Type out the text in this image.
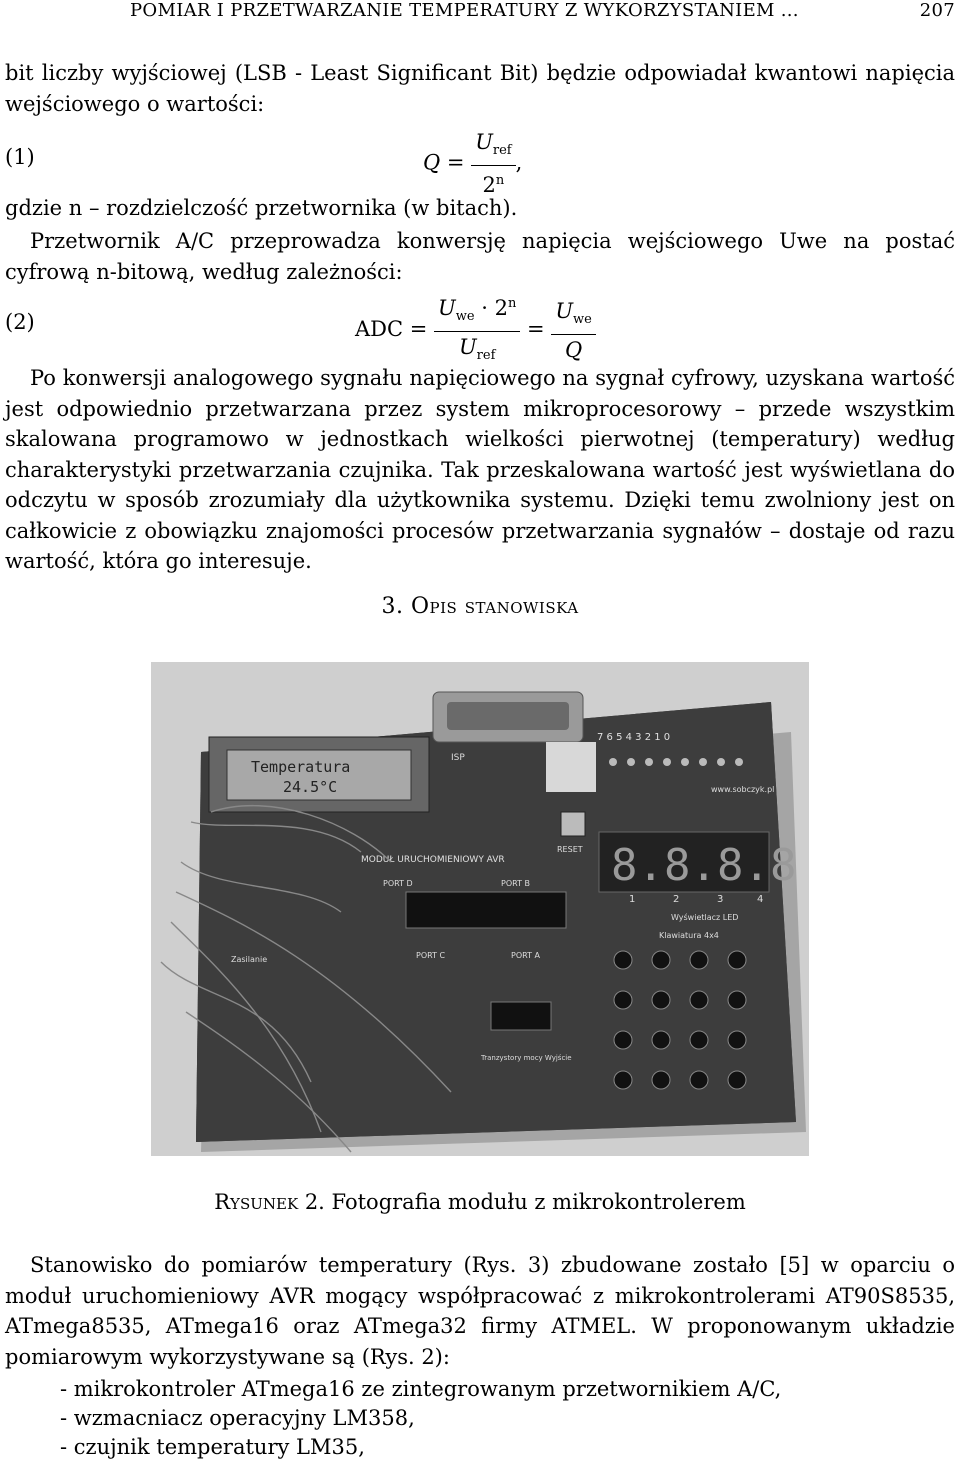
POMIAR I PRZETWARZANIE TEMPERATURY Z WYKORZYSTANIEM ...	207

bit liczby wyjściowej (LSB - Least Significant Bit) będzie odpowiadał kwantowi napięcia wejściowego o wartości:

(1)	$Q = \frac{U_{ref}}{2^n}$ ,

gdzie n – rozdzielczość przetwornika (w bitach).

Przetwornik A/C przeprowadza konwersję napięcia wejściowego Uwe na postać cyfrową n-bitową, według zależności:

(2)	ADC = $\frac{U_{we} \cdot 2^n}{U_{ref}} = \frac{U_{we}}{Q}$

Po konwersji analogowego sygnału napięciowego na sygnał cyfrowy, uzyskana wartość jest odpowiednio przetwarzana przez system mikroprocesorowy – przede wszystkim skalowana programowo w jednostkach wielkości pierwotnej (temperatury) według charakterystyki przetwarzania czujnika. Tak przeskalowana wartość jest wyświetlana do odczytu w sposób zrozumiały dla użytkownika systemu. Dzięki temu zwolniony jest on całkowicie z obowiązku znajomości procesów przetwarzania sygnałów – dostaje od razu wartość, która go interesuje.

3. Opis stanowiska
Temperatura
24.5°C
ISP
RESET
7 6 5 4 3 2 1 0
www.sobczyk.pl
8.8.8.8
1	2	3	4
Wyświetlacz LED
Klawiatura 4x4
MODUŁ URUCHOMIENIOWY AVR
PORT D	PORT B
PORT C	PORT A
Tranzystory mocy Wyjście
Zasilanie
Rysunek 2. Fotografia modułu z mikrokontrolerem

Stanowisko do pomiarów temperatury (Rys. 3) zbudowane zostało [5] w oparciu o moduł uruchomieniowy AVR mogący współpracować z mikrokontrolerami AT90S8535, ATmega8535, ATmega16 oraz ATmega32 firmy ATMEL. W proponowanym układzie pomiarowym wykorzystywane są (Rys. 2):

- mikrokontroler ATmega16 ze zintegrowanym przetwornikiem A/C,
- wzmacniacz operacyjny LM358,
- czujnik temperatury LM35,
